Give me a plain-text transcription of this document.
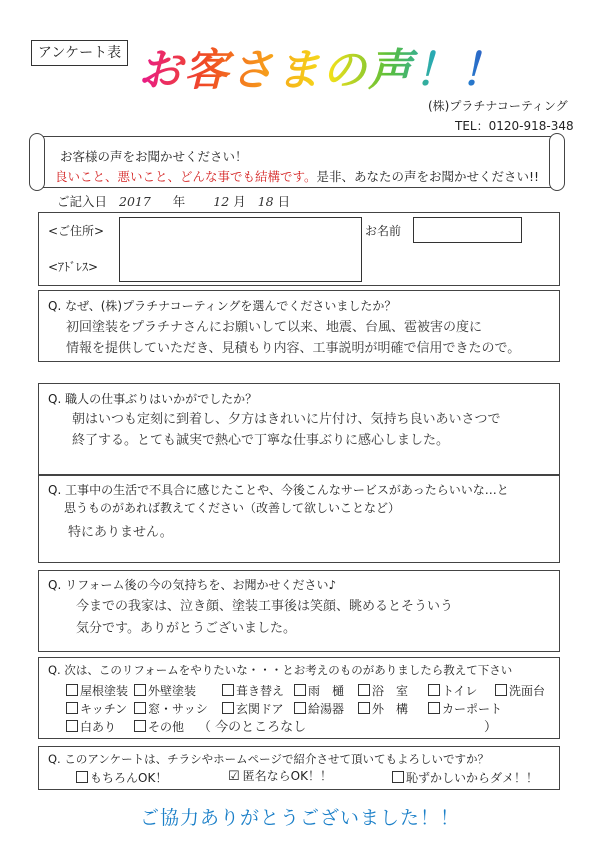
アンケート表 お客さまの声！！
(株)プラチナコーティング
TEL：0120-918-348
お客様の声をお聞かせください！
良いこと、悪いこと、どんな事でも結構です。是非、あなたの声をお聞かせください!!
ご記入日 2017 年 12 月 18 日
<ご住所>
<ｱﾄﾞﾚｽ>
お名前
Q. なぜ、(株)プラチナコーティングを選んでくださいましたか？
初回塗装をプラチナさんにお願いして以来、地震、台風、雹被害の度に
情報を提供していただき、見積もり内容、工事説明が明確で信用できたので。
Q. 職人の仕事ぶりはいかがでしたか？
朝はいつも定刻に到着し、夕方はきれいに片付け、気持ち良いあいさつで
終了する。とても誠実で熱心で丁寧な仕事ぶりに感心しました。
Q. 工事中の生活で不具合に感じたことや、今後こんなサービスがあったらいいな…と
思うものがあれば教えてください（改善して欲しいことなど）
特にありません。
Q. リフォーム後の今の気持ちを、お聞かせください♪
今までの我家は、泣き顔、塗装工事後は笑顔、眺めるとそういう
気分です。ありがとうございました。
Q. 次は、このリフォームをやりたいな・・・とお考えのものがありましたら教えて下さい
屋根塗装	外壁塗装	葺き替え	雨　樋	浴　室	トイレ	洗面台
キッチン	窓・サッシ	玄関ドア	給湯器	外　構	カーポート
白あり	その他 （ 今のところなし	）
Q. このアンケートは、チラシやホームページで紹介させて頂いてもよろしいですか？
もちろんOK！	☑ 匿名ならOK！！	恥ずかしいからダメ！！
ご協力ありがとうございました！！
